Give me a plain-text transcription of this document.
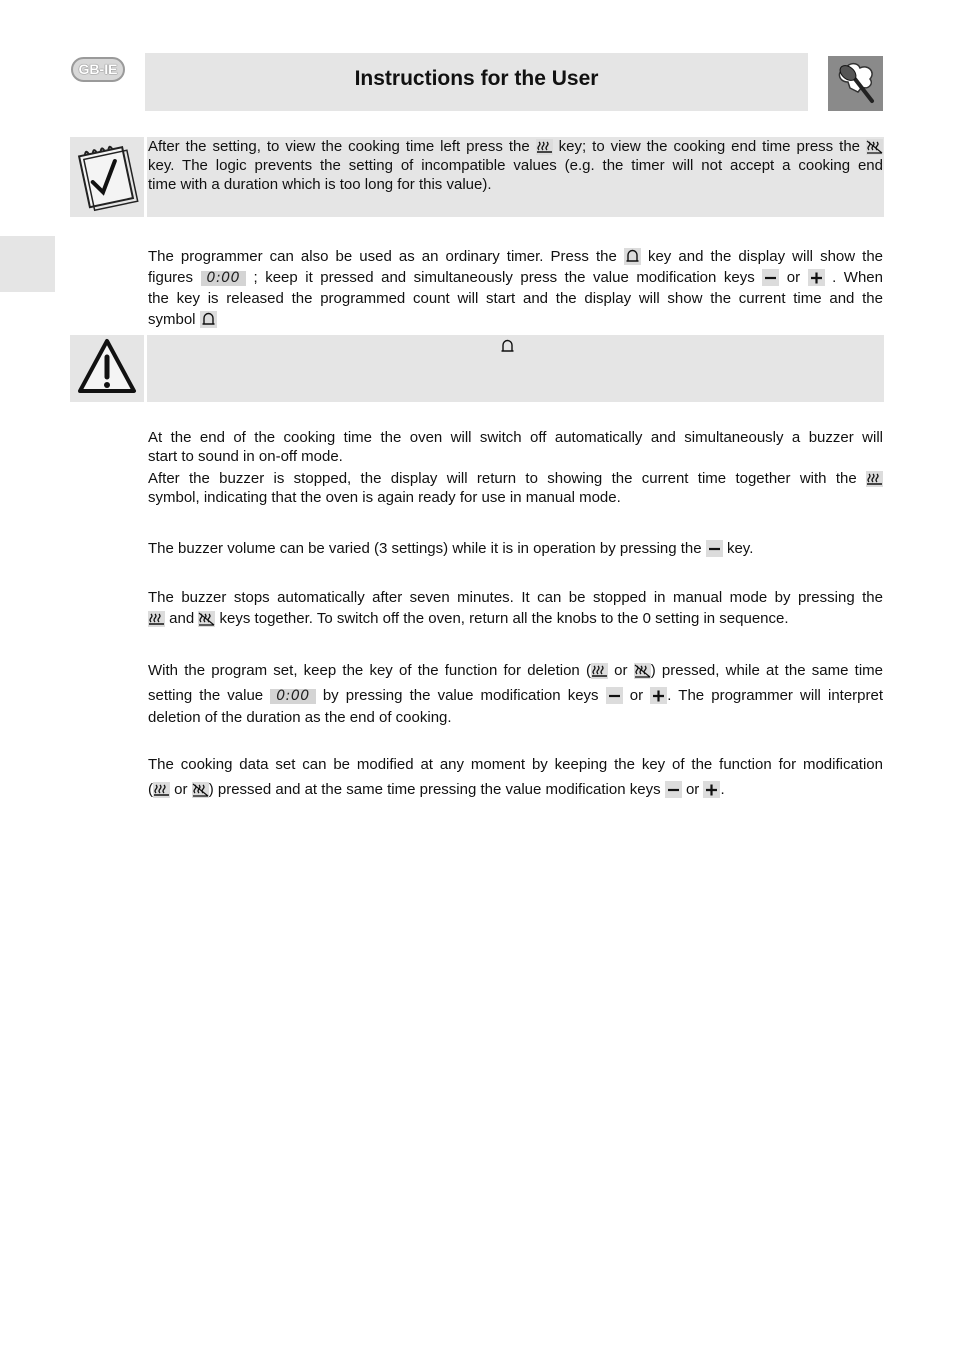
GB-IE	Instructions for the User
After the setting, to view the cooking time left press the key; to view the cooking end time press the
key. The logic prevents the setting of incompatible values (e.g. the timer will not accept a cooking end
time with a duration which is too long for this value).
The programmer can also be used as an ordinary timer. Press the key and the display will show the
figures 0:00 ; keep it pressed and simultaneously press the value modification keys or . When
the key is released the programmed count will start and the display will show the current time and the
symbol
At the end of the cooking time the oven will switch off automatically and simultaneously a buzzer will
start to sound in on-off mode.
After the buzzer is stopped, the display will return to showing the current time together with the
symbol, indicating that the oven is again ready for use in manual mode.
The buzzer volume can be varied (3 settings) while it is in operation by pressing the key.
The buzzer stops automatically after seven minutes. It can be stopped in manual mode by pressing the
and keys together. To switch off the oven, return all the knobs to the 0 setting in sequence.
With the program set, keep the key of the function for deletion ( or ) pressed, while at the same time
setting the value 0:00 by pressing the value modification keys or . The programmer will interpret
deletion of the duration as the end of cooking.
The cooking data set can be modified at any moment by keeping the key of the function for modification
( or ) pressed and at the same time pressing the value modification keys or .
